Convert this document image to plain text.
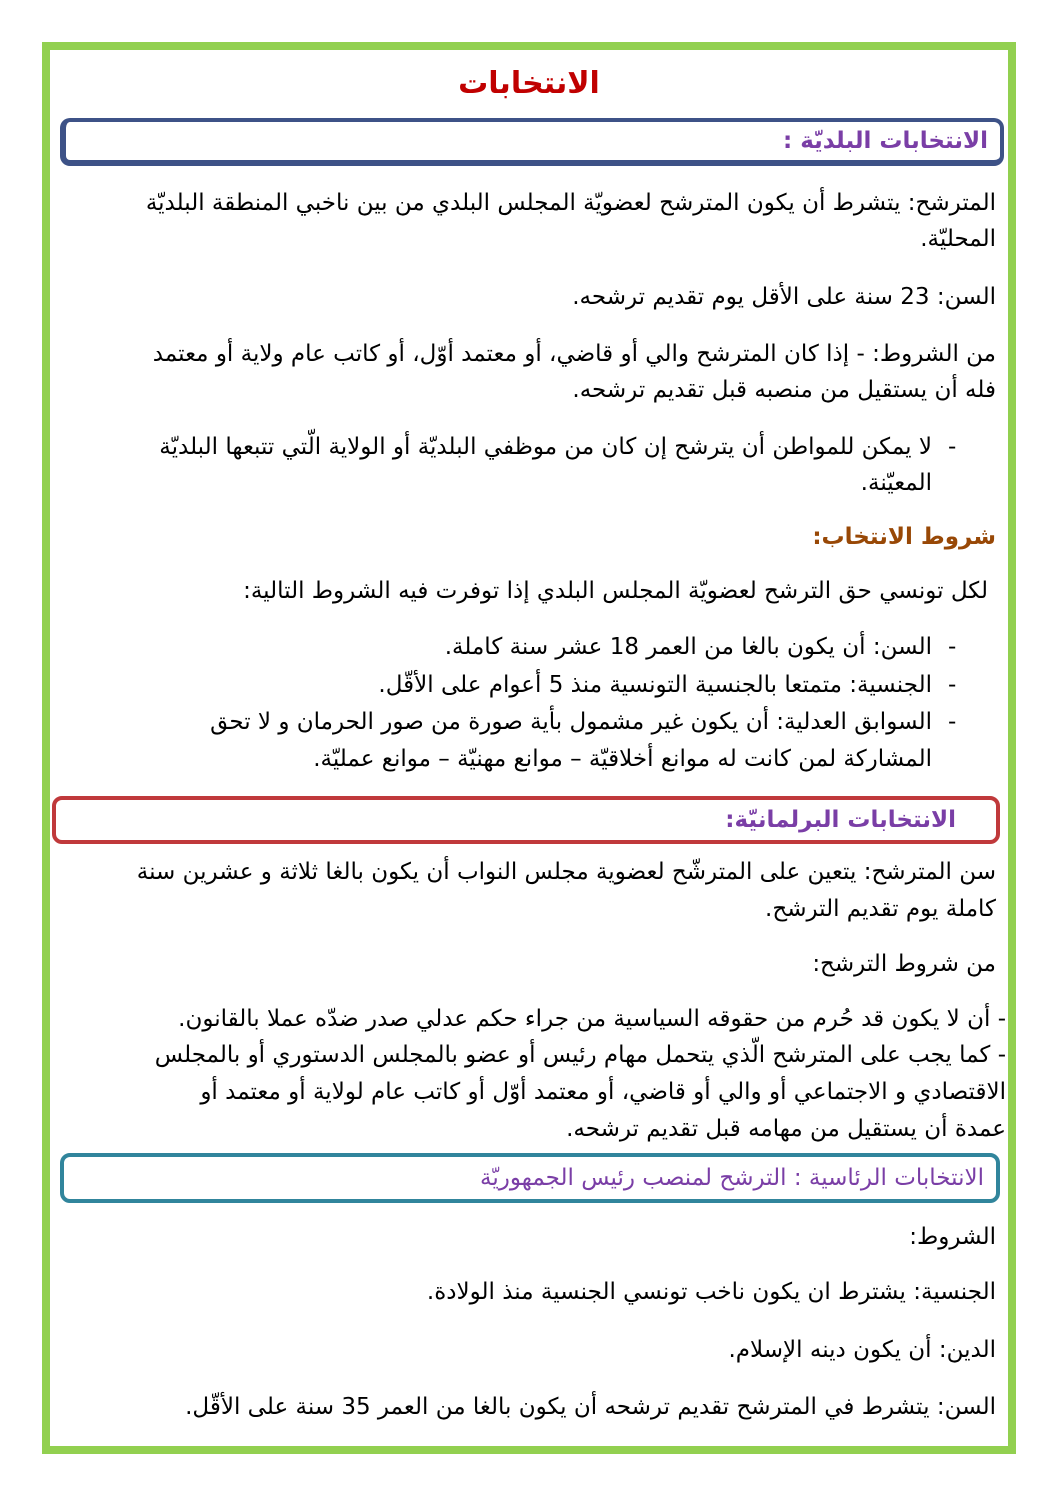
الانتخابات
الانتخابات البلديّة :
المترشح: يتشرط أن يكون المترشح لعضويّة المجلس البلدي من بين ناخبي المنطقة البلديّة
المحليّة.
السن: 23 سنة على الأقل يوم تقديم ترشحه.
من الشروط: - إذا كان المترشح والي أو قاضي، أو معتمد أوّل، أو كاتب عام ولاية أو معتمد
فله أن يستقيل من منصبه قبل تقديم ترشحه.
-
لا يمكن للمواطن أن يترشح إن كان من موظفي البلديّة أو الولاية الّتي تتبعها البلديّة
المعيّنة.
شروط الانتخاب:
لكل تونسي حق الترشح لعضويّة المجلس البلدي إذا توفرت فيه الشروط التالية:
-
السن: أن يكون بالغا من العمر 18 عشر سنة كاملة.
-
الجنسية: متمتعا بالجنسية التونسية منذ 5 أعوام على الأقّل.
-
السوابق العدلية: أن يكون غير مشمول بأية صورة من صور الحرمان و لا تحق
المشاركة لمن كانت له موانع أخلاقيّة – موانع مهنيّة – موانع عمليّة.
الانتخابات البرلمانيّة:
سن المترشح: يتعين على المترشّح لعضوية مجلس النواب أن يكون بالغا ثلاثة و عشرين سنة
كاملة يوم تقديم الترشح.
من شروط الترشح:
- أن لا يكون قد حُرم من حقوقه السياسية من جراء حكم عدلي صدر ضدّه عملا بالقانون.
- كما يجب على المترشح الّذي يتحمل مهام رئيس أو عضو بالمجلس الدستوري أو بالمجلس
الاقتصادي و الاجتماعي أو والي أو قاضي، أو معتمد أوّل أو كاتب عام لولاية أو معتمد أو
عمدة أن يستقيل من مهامه قبل تقديم ترشحه.
الانتخابات الرئاسية : الترشح لمنصب رئيس الجمهوريّة
الشروط:
الجنسية: يشترط ان يكون ناخب تونسي الجنسية منذ الولادة.
الدين: أن يكون دينه الإسلام.
السن: يتشرط في المترشح تقديم ترشحه أن يكون بالغا من العمر 35 سنة على الأقّل.
